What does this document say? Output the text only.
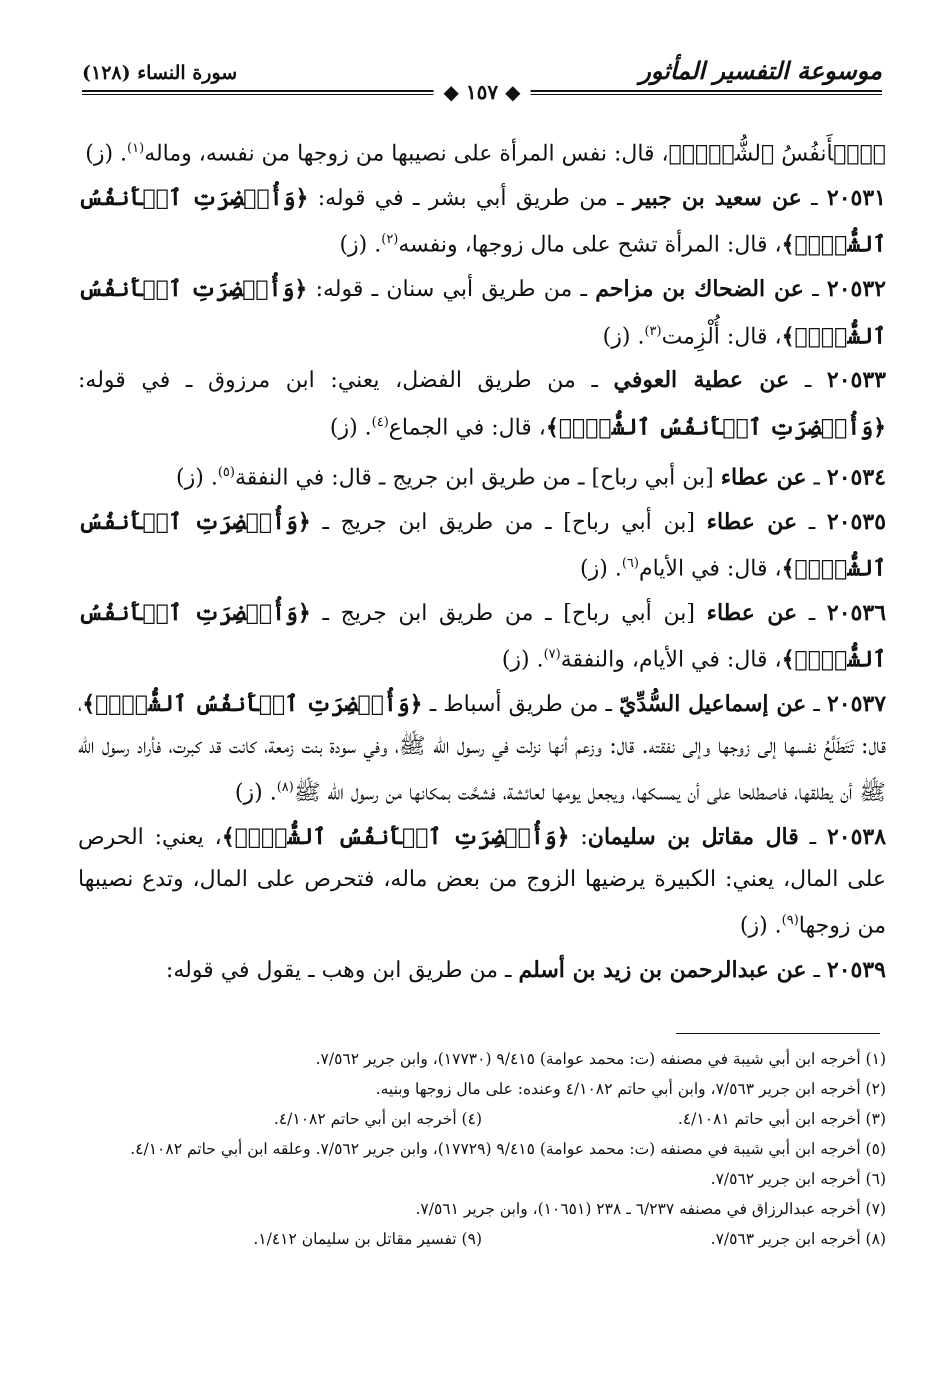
موسوعة التفسير المأثور
سورة النساء (١٢٨)
◆ ١٥٧ ◆

﴿ٱلۡأَنفُسُ ٱلشُّحَّۚ﴾، قال: نفس المرأة على نصيبها من زوجها من نفسه، وماله$^{(١)}$. (ز)

٢٠٥٣١ ـ عن سعيد بن جبير ـ من طريق أبي بشر ـ في قوله: ﴿وَأُحۡضِرَتِ ٱلۡأَنفُسُ ٱلشُّحَّۚ﴾، قال: المرأة تشح على مال زوجها، ونفسه$^{(٢)}$. (ز)

٢٠٥٣٢ ـ عن الضحاك بن مزاحم ـ من طريق أبي سنان ـ قوله: ﴿وَأُحۡضِرَتِ ٱلۡأَنفُسُ ٱلشُّحَّۚ﴾، قال: أُلْزِمت$^{(٣)}$. (ز)

٢٠٥٣٣ ـ عن عطية العوفي ـ من طريق الفضل، يعني: ابن مرزوق ـ في قوله: ﴿وَأُحۡضِرَتِ ٱلۡأَنفُسُ ٱلشُّحَّۚ﴾، قال: في الجماع$^{(٤)}$. (ز)

٢٠٥٣٤ ـ عن عطاء [بن أبي رباح] ـ من طريق ابن جريج ـ قال: في النفقة$^{(٥)}$. (ز)

٢٠٥٣٥ ـ عن عطاء [بن أبي رباح] ـ من طريق ابن جريج ـ ﴿وَأُحۡضِرَتِ ٱلۡأَنفُسُ ٱلشُّحَّۚ﴾، قال: في الأيام$^{(٦)}$. (ز)

٢٠٥٣٦ ـ عن عطاء [بن أبي رباح] ـ من طريق ابن جريج ـ ﴿وَأُحۡضِرَتِ ٱلۡأَنفُسُ ٱلشُّحَّۚ﴾، قال: في الأيام، والنفقة$^{(٧)}$. (ز)

٢٠٥٣٧ ـ عن إسماعيل السُّدِّيّ ـ من طريق أسباط ـ ﴿وَأُحۡضِرَتِ ٱلۡأَنفُسُ ٱلشُّحَّۚ﴾، قال: تَتَطَلَّعُ نفسها إلى زوجها وإلى نفقته. قال: وزعم أنها نزلت في رسول الله ﷺ، وفي سودة بنت زمعة، كانت قد كبرت، فأراد رسول الله ﷺ أن يطلقها، فاصطلحا على أن يمسكها، ويجعل يومها لعائشة، فشحَّت بمكانها من رسول الله ﷺ$^{(٨)}$. (ز)

٢٠٥٣٨ ـ قال مقاتل بن سليمان: ﴿وَأُحۡضِرَتِ ٱلۡأَنفُسُ ٱلشُّحَّۚ﴾، يعني: الحرص على المال، يعني: الكبيرة يرضيها الزوج من بعض ماله، فتحرص على المال، وتدع نصيبها من زوجها$^{(٩)}$. (ز)

٢٠٥٣٩ ـ عن عبدالرحمن بن زيد بن أسلم ـ من طريق ابن وهب ـ يقول في قوله:

(١) أخرجه ابن أبي شيبة في مصنفه (ت: محمد عوامة) ٩/٤١٥ (١٧٧٣٠)، وابن جرير ٧/٥٦٢.

(٢) أخرجه ابن جرير ٧/٥٦٣، وابن أبي حاتم ٤/١٠٨٢ وعنده: على مال زوجها وبنيه.

(٣) أخرجه ابن أبي حاتم ٤/١٠٨١.

(٤) أخرجه ابن أبي حاتم ٤/١٠٨٢.

(٥) أخرجه ابن أبي شيبة في مصنفه (ت: محمد عوامة) ٩/٤١٥ (١٧٧٢٩)، وابن جرير ٧/٥٦٢. وعلقه ابن أبي حاتم ٤/١٠٨٢.

(٦) أخرجه ابن جرير ٧/٥٦٢.

(٧) أخرجه عبدالرزاق في مصنفه ٦/٢٣٧ ـ ٢٣٨ (١٠٦٥١)، وابن جرير ٧/٥٦١.

(٨) أخرجه ابن جرير ٧/٥٦٣.

(٩) تفسير مقاتل بن سليمان ١/٤١٢.
